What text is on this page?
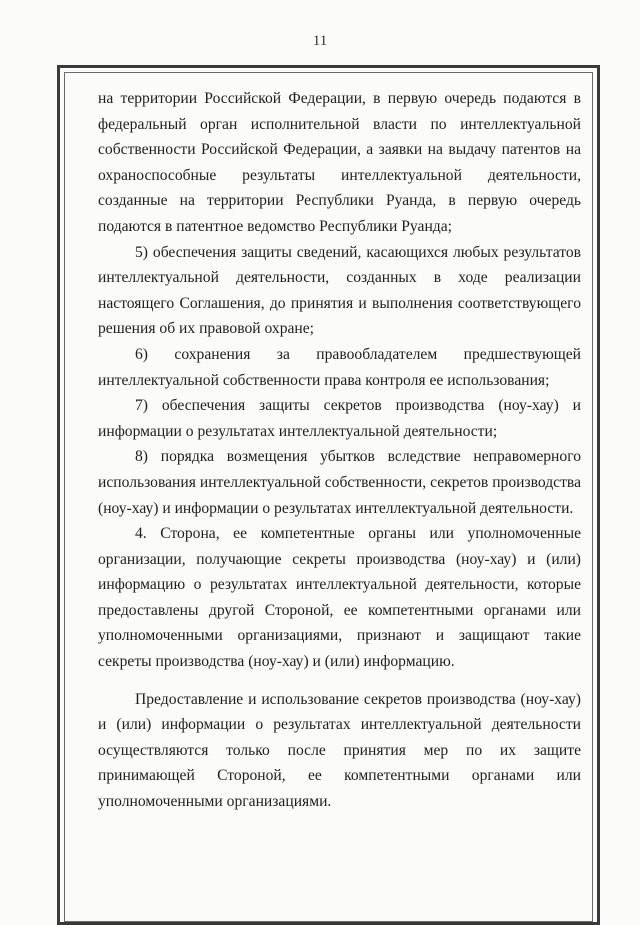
11

на территории Российской Федерации, в первую очередь подаются в федеральный орган исполнительной власти по интеллектуальной собственности Российской Федерации, а заявки на выдачу патентов на охраноспособные результаты интеллектуальной деятельности, созданные на территории Республики Руанда, в первую очередь подаются в патентное ведомство Республики Руанда;

5) обеспечения защиты сведений, касающихся любых результатов интеллектуальной деятельности, созданных в ходе реализации настоящего Соглашения, до принятия и выполнения соответствующего решения об их правовой охране;

6) сохранения за правообладателем предшествующей интеллектуальной собственности права контроля ее использования;

7) обеспечения защиты секретов производства (ноу-хау) и информации о результатах интеллектуальной деятельности;

8) порядка возмещения убытков вследствие неправомерного использования интеллектуальной собственности, секретов производства (ноу-хау) и информации о результатах интеллектуальной деятельности.

4. Сторона, ее компетентные органы или уполномоченные организации, получающие секреты производства (ноу-хау) и (или) информацию о результатах интеллектуальной деятельности, которые предоставлены другой Стороной, ее компетентными органами или уполномоченными организациями, признают и защищают такие секреты производства (ноу-хау) и (или) информацию.

Предоставление и использование секретов производства (ноу-хау) и (или) информации о результатах интеллектуальной деятельности осуществляются только после принятия мер по их защите принимающей Стороной, ее компетентными органами или уполномоченными организациями.
